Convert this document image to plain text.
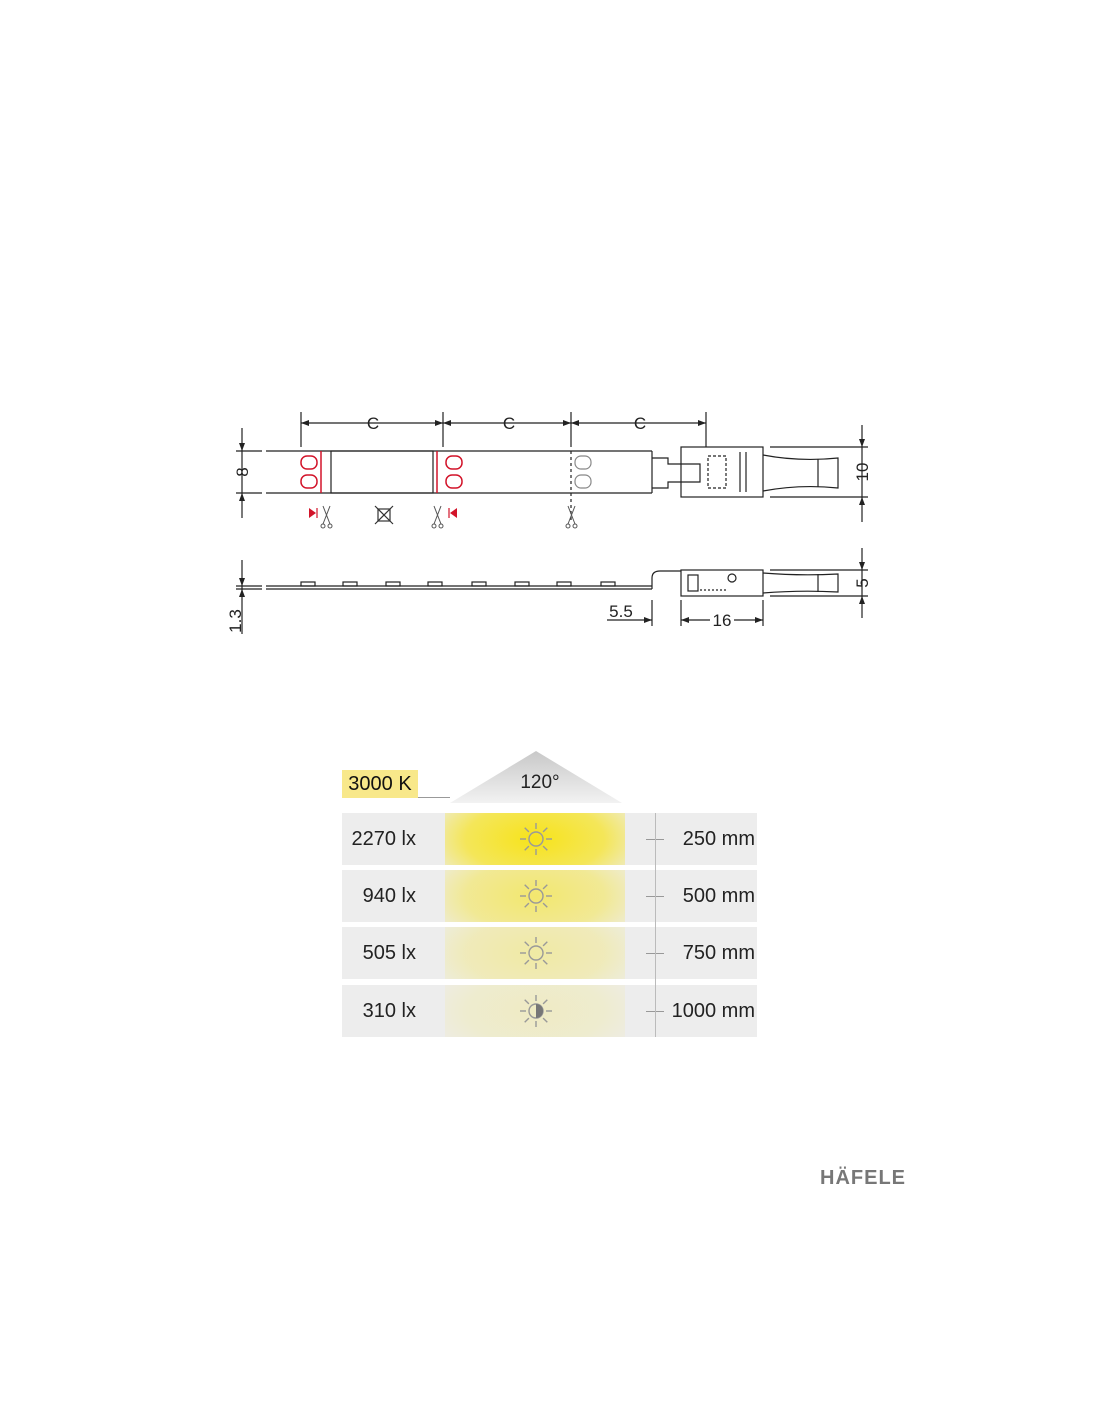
C	C	C
8	10
1.3
5
5.5	16
3000 K	120°
2270 lx	250 mm
940 lx	500 mm
505 lx	750 mm
310 lx	1000 mm
HÄFELE
